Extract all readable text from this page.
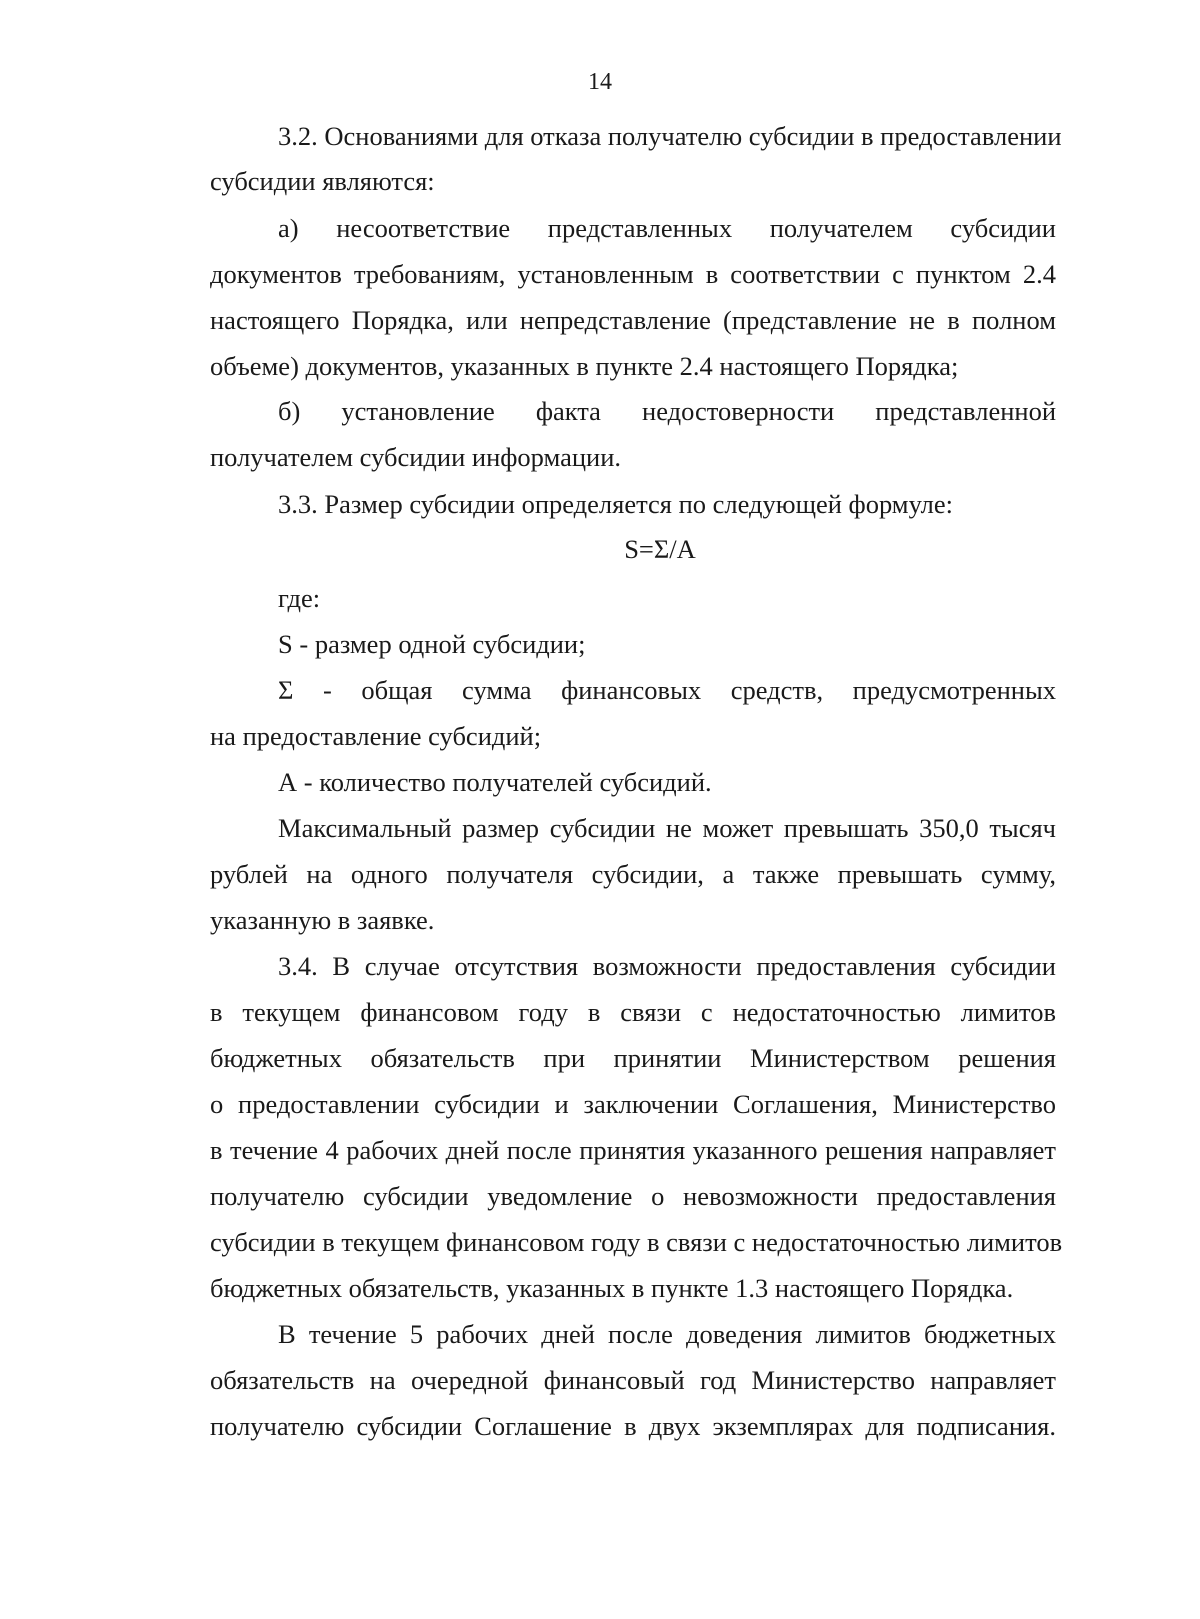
14
3.2. Основаниями для отказа получателю субсидии в предоставлении
субсидии являются:
а) несоответствие представленных получателем субсидии
документов требованиям, установленным в соответствии с пунктом 2.4
настоящего Порядка, или непредставление (представление не в полном
объеме) документов, указанных в пункте 2.4 настоящего Порядка;
б) установление факта недостоверности представленной
получателем субсидии информации.
3.3. Размер субсидии определяется по следующей формуле:
S=Σ/A
где:
S - размер одной субсидии;
Σ - общая сумма финансовых средств, предусмотренных
на предоставление субсидий;
А - количество получателей субсидий.
Максимальный размер субсидии не может превышать 350,0 тысяч
рублей на одного получателя субсидии, а также превышать сумму,
указанную в заявке.
3.4. В случае отсутствия возможности предоставления субсидии
в текущем финансовом году в связи с недостаточностью лимитов
бюджетных обязательств при принятии Министерством решения
о предоставлении субсидии и заключении Соглашения, Министерство
в течение 4 рабочих дней после принятия указанного решения направляет
получателю субсидии уведомление о невозможности предоставления
субсидии в текущем финансовом году в связи с недостаточностью лимитов
бюджетных обязательств, указанных в пункте 1.3 настоящего Порядка.
В течение 5 рабочих дней после доведения лимитов бюджетных
обязательств на очередной финансовый год Министерство направляет
получателю субсидии Соглашение в двух экземплярах для подписания.
